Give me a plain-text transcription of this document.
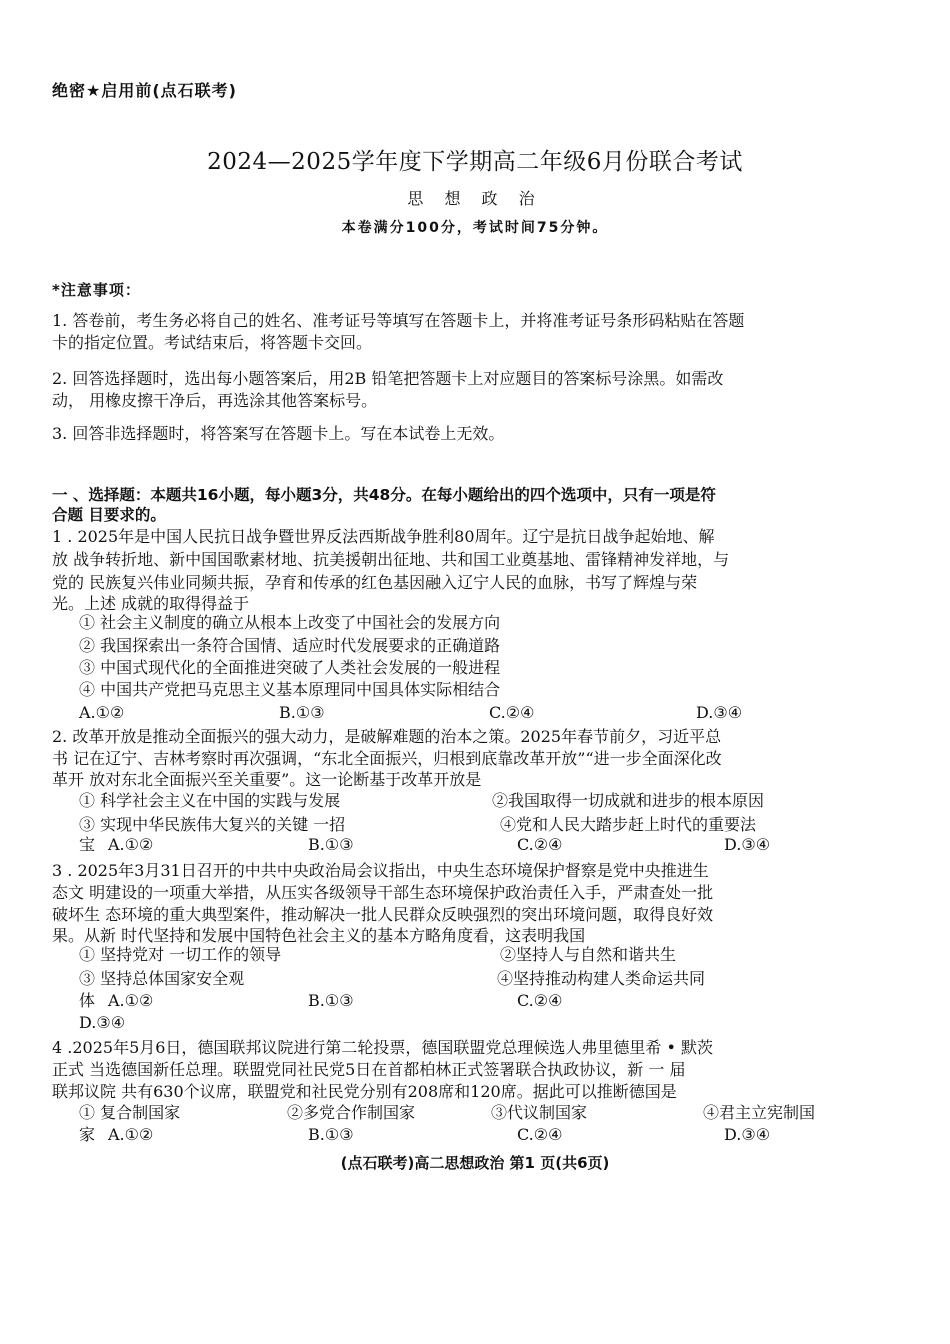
绝密★启用前(点石联考)
2024—2025学年度下学期高二年级6月份联合考试
思 想 政 治
本卷满分100分，考试时间75分钟。
*注意事项：
1. 答卷前，考生务必将自己的姓名、准考证号等填写在答题卡上，并将准考证号条形码粘贴在答题
卡的指定位置。考试结束后，将答题卡交回。
2. 回答选择题时，选出每小题答案后，用2B 铅笔把答题卡上对应题目的答案标号涂黑。如需改
动， 用橡皮擦干净后，再选涂其他答案标号。
3. 回答非选择题时，将答案写在答题卡上。写在本试卷上无效。
一 、选择题：本题共16小题，每小题3分，共48分。在每小题给出的四个选项中，只有一项是符
合题 目要求的。
1 . 2025年是中国人民抗日战争暨世界反法西斯战争胜利80周年。辽宁是抗日战争起始地、解
放 战争转折地、新中国国歌素材地、抗美援朝出征地、共和国工业奠基地、雷锋精神发祥地，与
党的 民族复兴伟业同频共振，孕育和传承的红色基因融入辽宁人民的血脉，书写了辉煌与荣
光。上述 成就的取得得益于
① 社会主义制度的确立从根本上改变了中国社会的发展方向
② 我国探索出一条符合国情、适应时代发展要求的正确道路
③ 中国式现代化的全面推进突破了人类社会发展的一般进程
④ 中国共产党把马克思主义基本原理同中国具体实际相结合
A.①②	B.①③	C.②④	D.③④
2. 改革开放是推动全面振兴的强大动力，是破解难题的治本之策。2025年春节前夕，习近平总
书 记在辽宁、吉林考察时再次强调，“东北全面振兴，归根到底靠改革开放”“进一步全面深化改
革开 放对东北全面振兴至关重要”。这一论断基于改革开放是
① 科学社会主义在中国的实践与发展	②我国取得一切成就和进步的根本原因
③ 实现中华民族伟大复兴的关键 一招	④党和人民大踏步赶上时代的重要法
宝 A.①②	B.①③	C.②④	D.③④
3 . 2025年3月31日召开的中共中央政治局会议指出，中央生态环境保护督察是党中央推进生
态文 明建设的一项重大举措，从压实各级领导干部生态环境保护政治责任入手，严肃查处一批
破坏生 态环境的重大典型案件，推动解决一批人民群众反映强烈的突出环境问题，取得良好效
果。从新 时代坚持和发展中国特色社会主义的基本方略角度看，这表明我国
① 坚持党对 一切工作的领导	②坚持人与自然和谐共生
③ 坚持总体国家安全观	④坚持推动构建人类命运共同
体 A.①②	B.①③	C.②④
D.③④
4 .2025年5月6日，德国联邦议院进行第二轮投票，德国联盟党总理候选人弗里德里希 • 默茨
正式 当选德国新任总理。联盟党同社民党5日在首都柏林正式签署联合执政协议，新 一 届
联邦议院 共有630个议席，联盟党和社民党分别有208席和120席。据此可以推断德国是
① 复合制国家	②多党合作制国家	③代议制国家	④君主立宪制国
家 A.①②	B.①③	C.②④	D.③④
(点石联考)高二思想政治 第1 页(共6页)
